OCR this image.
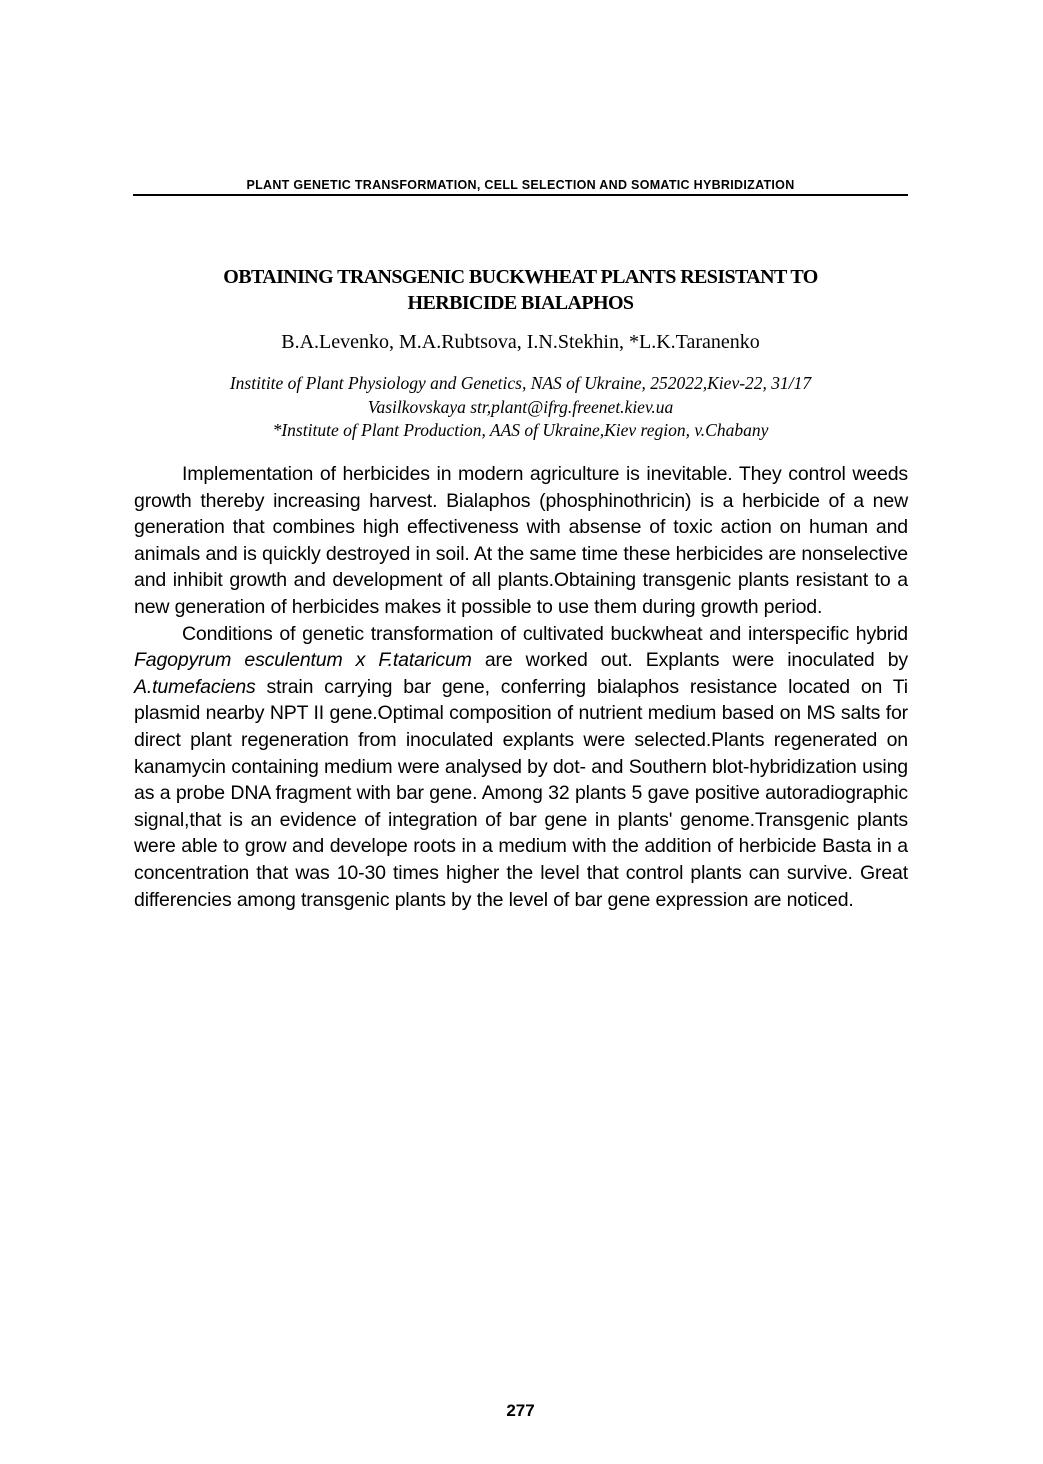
PLANT GENETIC TRANSFORMATION, CELL SELECTION AND SOMATIC HYBRIDIZATION
OBTAINING TRANSGENIC BUCKWHEAT PLANTS RESISTANT TO
HERBICIDE BIALAPHOS
B.A.Levenko, M.A.Rubtsova, I.N.Stekhin, *L.K.Taranenko
Institite of Plant Physiology and Genetics, NAS of Ukraine, 252022,Kiev-22, 31/17
Vasilkovskaya str,plant@ifrg.freenet.kiev.ua
*Institute of Plant Production, AAS of Ukraine,Kiev region, v.Chabany

Implementation of herbicides in modern agriculture is inevitable. They control weeds growth thereby increasing harvest. Bialaphos (phosphinothricin) is a herbicide of a new generation that combines high effectiveness with absense of toxic action on human and animals and is quickly destroyed in soil. At the same time these herbicides are nonselective and inhibit growth and development of all plants.Obtaining transgenic plants resistant to a new generation of herbicides makes it possible to use them during growth period.

Conditions of genetic transformation of cultivated buckwheat and interspecific hybrid Fagopyrum esculentum x F.tataricum are worked out. Explants were inoculated by A.tumefaciens strain carrying bar gene, conferring bialaphos resistance located on Ti plasmid nearby NPT II gene.Optimal composition of nutrient medium based on MS salts for direct plant regeneration from inoculated explants were selected.Plants regenerated on kanamycin containing medium were analysed by dot- and Southern blot-hybridization using as a probe DNA fragment with bar gene. Among 32 plants 5 gave positive autoradiographic signal,that is an evidence of integration of bar gene in plants' genome.Transgenic plants were able to grow and develope roots in a medium with the addition of herbicide Basta in a concentration that was 10-30 times higher the level that control plants can survive. Great differencies among transgenic plants by the level of bar gene expression are noticed.

277
